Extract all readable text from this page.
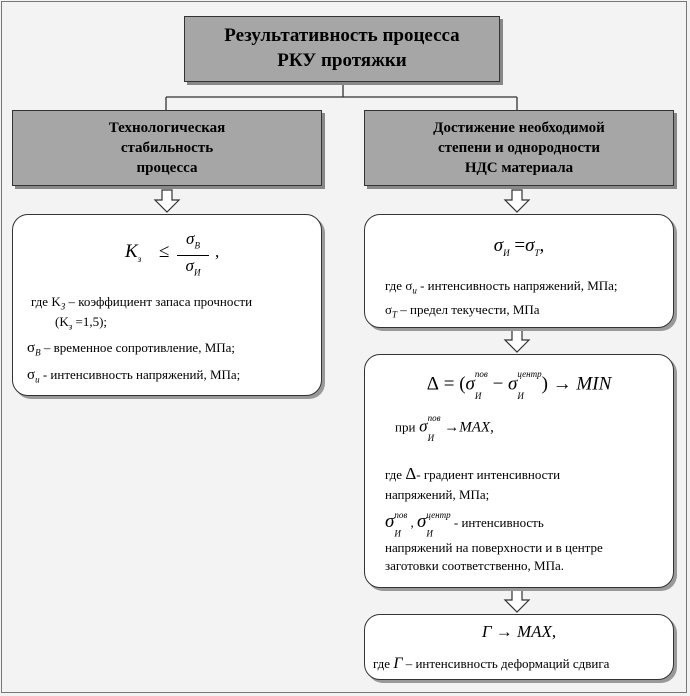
Результативность процесса
РКУ протяжки
Технологическая
стабильность
процесса
Достижение необходимой
степени и однородности
НДС материала
$K_з$ ≤
$\sigma_В$

$\sigma_И$
,
где $K_З$ – коэффициент запаса прочности
$(K_з =1,5)$;
$\sigma_В$ – временное сопротивление, МПа;
$\sigma_и$ - интенсивность напряжений, МПа;
$\sigma_И =\sigma_Т$,
где $\sigma_и$ - интенсивность напряжений, МПа;
$\sigma_Т$ – предел текучести, МПа
$\Delta = (\sigma^{пов}$
$_И - \sigma^{центр}$
$_И$) → MIN
при $\sigma^{пов}$
$_И$ →MAX,
где Δ- градиент интенсивности
напряжений, МПа;
$\sigma^{пов}$
$_И$ , $\sigma^{центр}$
$_И$ - интенсивность
напряжений на поверхности и в центре
заготовки соответственно, МПа.
Г → MAX,
где Г – интенсивность деформаций сдвига
